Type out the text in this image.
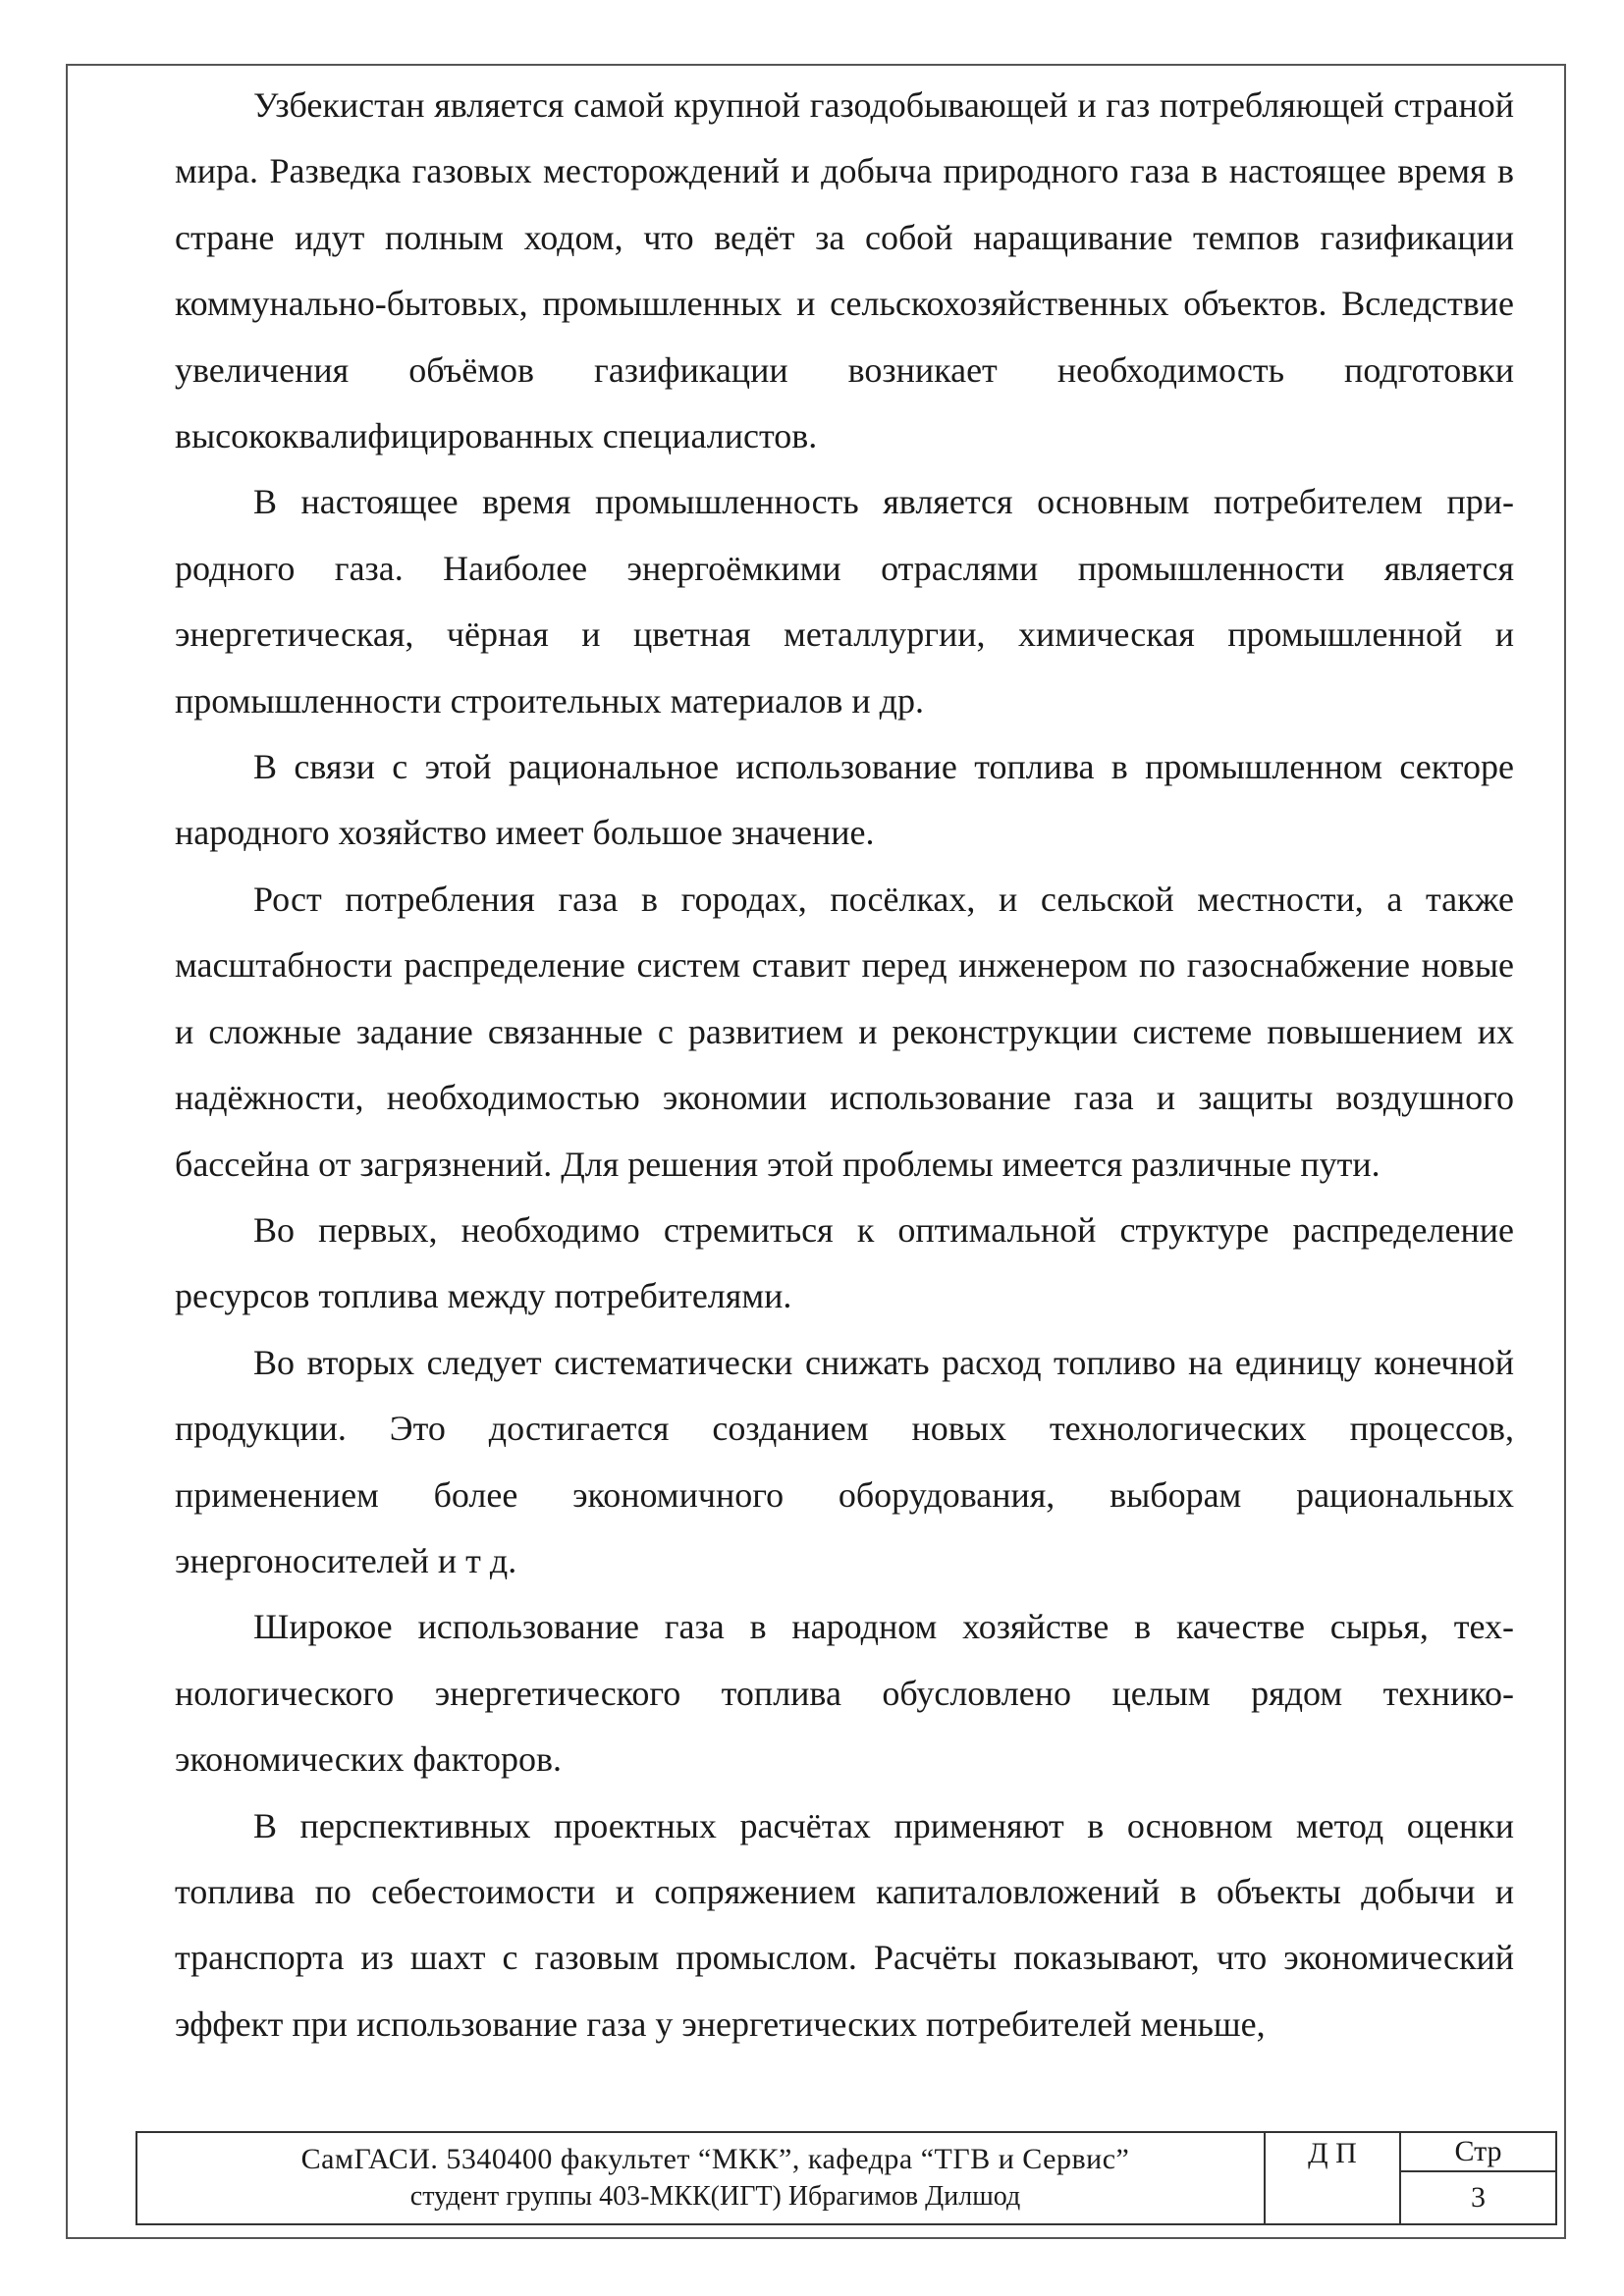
Узбекистан является самой крупной газодобывающей и газ потребляющей страной мира. Разведка газовых месторождений и добыча природного газа в настоящее время в стране идут полным ходом, что ведёт за собой наращивание темпов газификации коммунально-бытовых, промышленных и сельскохозяйственных объектов. Вследствие увеличения объёмов газификации возникает необходимость подготовки высококвалифицированных специалистов.

В настоящее время промышленность является основным потребителем природного газа. Наиболее энергоёмкими отраслями промышленности является энергетическая, чёрная и цветная металлургии, химическая промышленной и промышленности строительных материалов и др.

В связи с этой рациональное использование топлива в промышленном секторе народного хозяйство имеет большое значение.

Рост потребления газа в городах, посёлках, и сельской местности, а также масштабности распределение систем ставит перед инженером по газоснабжение новые и сложные задание связанные с развитием и реконструкции системе повышением их надёжности, необходимостью экономии использование газа и защиты воздушного бассейна от загрязнений. Для решения этой проблемы имеется различные пути.

Во первых, необходимо стремиться к оптимальной структуре распределение ресурсов топлива между потребителями.

Во вторых следует систематически снижать расход топливо на единицу конечной продукции. Это достигается созданием новых технологических процессов, применением более экономичного оборудования, выборам рациональных энергоносителей и т д.

Широкое использование газа в народном хозяйстве в качестве сырья, технологического энергетического топлива обусловлено целым рядом технико-экономических факторов.

В перспективных проектных расчётах применяют в основном метод оценки топлива по себестоимости и сопряжением капиталовложений в объекты добычи и транспорта из шахт с газовым промыслом. Расчёты показывают, что экономический эффект при использование газа у энергетических потребителей меньше,

СамГАСИ. 5340400 факультет “МКК”, кафедра “ТГВ и Сервис”
студент группы 403-МКК(ИГТ) Ибрагимов Дилшод
Д П	Стр
3
